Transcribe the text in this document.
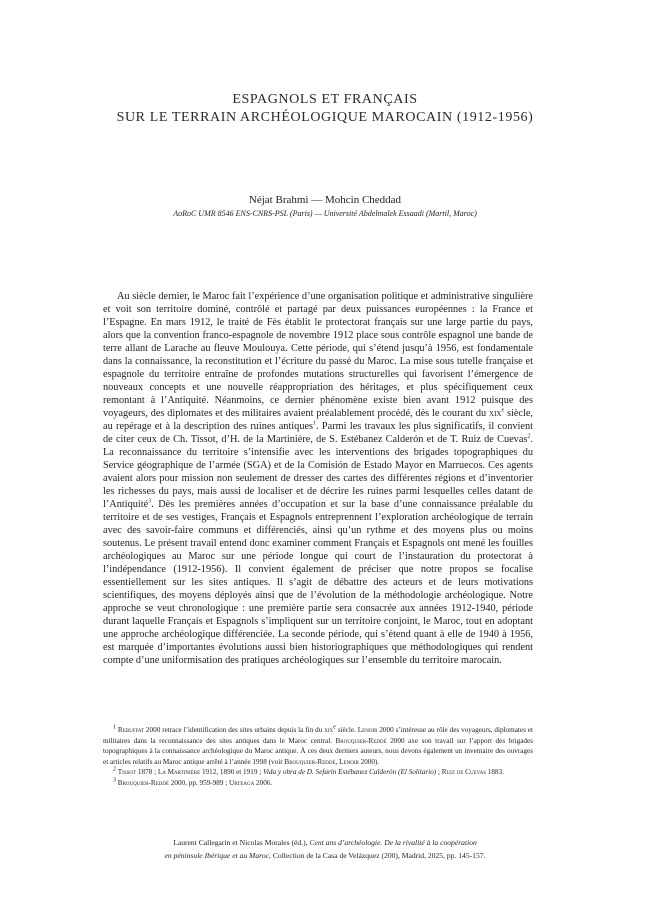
ESPAGNOLS ET FRANÇAIS
SUR LE TERRAIN ARCHÉOLOGIQUE MAROCAIN (1912-1956)
Néjat Brahmi — Mohcin Cheddad
AoRoC UMR 8546 ENS-CNRS-PSL (Paris) — Université Abdelmalek Essaadi (Martil, Maroc)

Au siècle dernier, le Maroc fait l’expérience d’une organisation politique et administrative singulière et voit son territoire dominé, contrôlé et partagé par deux puissances européennes : la France et l’Espagne. En mars 1912, le traité de Fès établit le protectorat français sur une large partie du pays, alors que la convention franco-espagnole de novembre 1912 place sous contrôle espagnol une bande de terre allant de Larache au fleuve Moulouya. Cette période, qui s’étend jusqu’à 1956, est fondamentale dans la connaissance, la reconstitution et l’écriture du passé du Maroc. La mise sous tutelle française et espagnole du territoire entraîne de profondes mutations structurelles qui favorisent l’émergence de nouveaux concepts et une nouvelle réappropriation des héritages, et plus spécifiquement ceux remontant à l’Antiquité. Néanmoins, ce dernier phénomène existe bien avant 1912 puisque des voyageurs, des diplomates et des militaires avaient préalablement procédé, dès le courant du xix$^e$ siècle, au repérage et à la description des ruines antiques$^1$. Parmi les travaux les plus significatifs, il convient de citer ceux de Ch. Tissot, d’H. de la Martinière, de S. Estébanez Calderón et de T. Ruiz de Cuevas$^2$. La reconnaissance du territoire s’intensifie avec les interventions des brigades topographiques du Service géographique de l’armée (SGA) et de la Comisión de Estado Mayor en Marruecos. Ces agents avaient alors pour mission non seulement de dresser des cartes des différentes régions et d’inventorier les richesses du pays, mais aussi de localiser et de décrire les ruines parmi lesquelles celles datant de l’Antiquité$^3$. Dès les premières années d’occupation et sur la base d’une connaissance préalable du territoire et de ses vestiges, Français et Espagnols entreprennent l’exploration archéologique de terrain avec des savoir-faire communs et différenciés, ainsi qu’un rythme et des moyens plus ou moins soutenus. Le présent travail entend donc examiner comment Français et Espagnols ont mené les fouilles archéologiques au Maroc sur une période longue qui court de l’instauration du protectorat à l’indépendance (1912-1956). Il convient également de préciser que notre propos se focalise essentiellement sur les sites antiques. Il s’agit de débattre des acteurs et de leurs motivations scientifiques, des moyens déployés ainsi que de l’évolution de la méthodologie archéologique. Notre approche se veut chronologique : une première partie sera consacrée aux années 1912-1940, période durant laquelle Français et Espagnols s’impliquent sur un territoire conjoint, le Maroc, tout en adoptant une approche archéologique différenciée. La seconde période, qui s’étend quant à elle de 1940 à 1956, est marquée d’importantes évolutions aussi bien historiographiques que méthodologiques qui rendent compte d’une uniformisation des pratiques archéologiques sur l’ensemble du territoire marocain.

$^1$ Rebuffat 2000 retrace l’identification des sites urbains depuis la fin du xix$^e$ siècle. Lenoir 2000 s’intéresse au rôle des voyageurs, diplomates et militaires dans la reconnaissance des sites antiques dans le Maroc central. Brouquier-Reddé 2000 axe son travail sur l’apport des brigades topographiques à la connaissance archéologique du Maroc antique. À ces deux derniers auteurs, nous devons également un inventaire des ouvrages et articles relatifs au Maroc antique arrêté à l’année 1998 (voir Brouquier-Reddé, Lenoir 2000).

$^2$ Tissot 1878 ; La Martinière 1912, 1890 et 1919 ; Vida y obra de D. Sefarín Estébanez Calderón (El Solitario) ; Ruiz de Cuevas 1883.

$^3$ Brouquier-Reddé 2000, pp. 959-989 ; Urteaga 2006.

Laurent Callegarin et Nicolas Morales (éd.), Cent ans d’archéologie. De la rivalité à la coopération
en péninsule Ibérique et au Maroc, Collection de la Casa de Velázquez (200), Madrid, 2025, pp. 145-157.
